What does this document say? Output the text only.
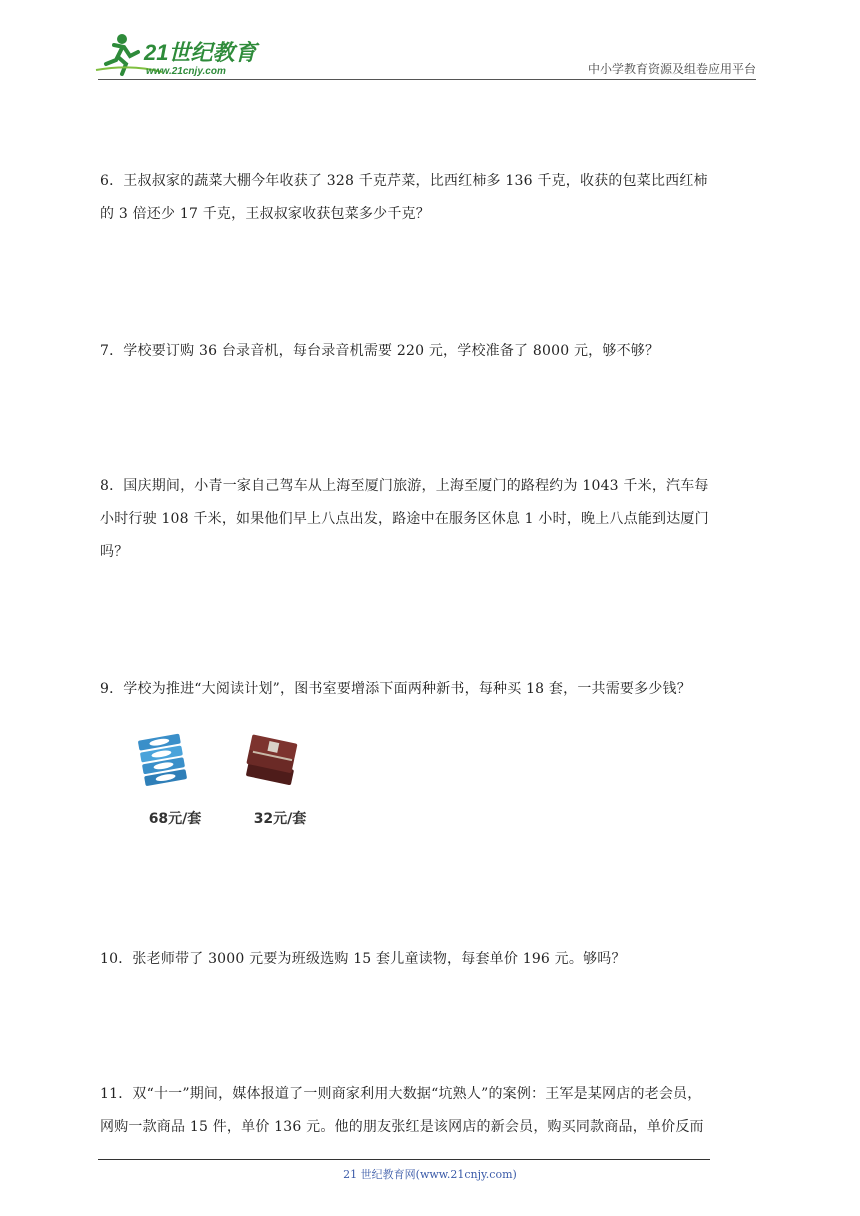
21世纪教育
www.21cnjy.com	中小学教育资源及组卷应用平台

6．王叔叔家的蔬菜大棚今年收获了 328 千克芹菜，比西红柿多 136 千克，收获的包菜比西红柿
的 3 倍还少 17 千克，王叔叔家收获包菜多少千克？

7．学校要订购 36 台录音机，每台录音机需要 220 元，学校准备了 8000 元，够不够？

8．国庆期间，小青一家自己驾车从上海至厦门旅游，上海至厦门的路程约为 1043 千米，汽车每
小时行驶 108 千米，如果他们早上八点出发，路途中在服务区休息 1 小时，晚上八点能到达厦门
吗？

9．学校为推进“大阅读计划”，图书室要增添下面两种新书，每种买 18 套，一共需要多少钱？

68元/套	32元/套

10．张老师带了 3000 元要为班级选购 15 套儿童读物，每套单价 196 元。够吗？

11．双“十一”期间，媒体报道了一则商家利用大数据“坑熟人”的案例：王军是某网店的老会员，
网购一款商品 15 件，单价 136 元。他的朋友张红是该网店的新会员，购买同款商品，单价反而

21 世纪教育网(www.21cnjy.com)
